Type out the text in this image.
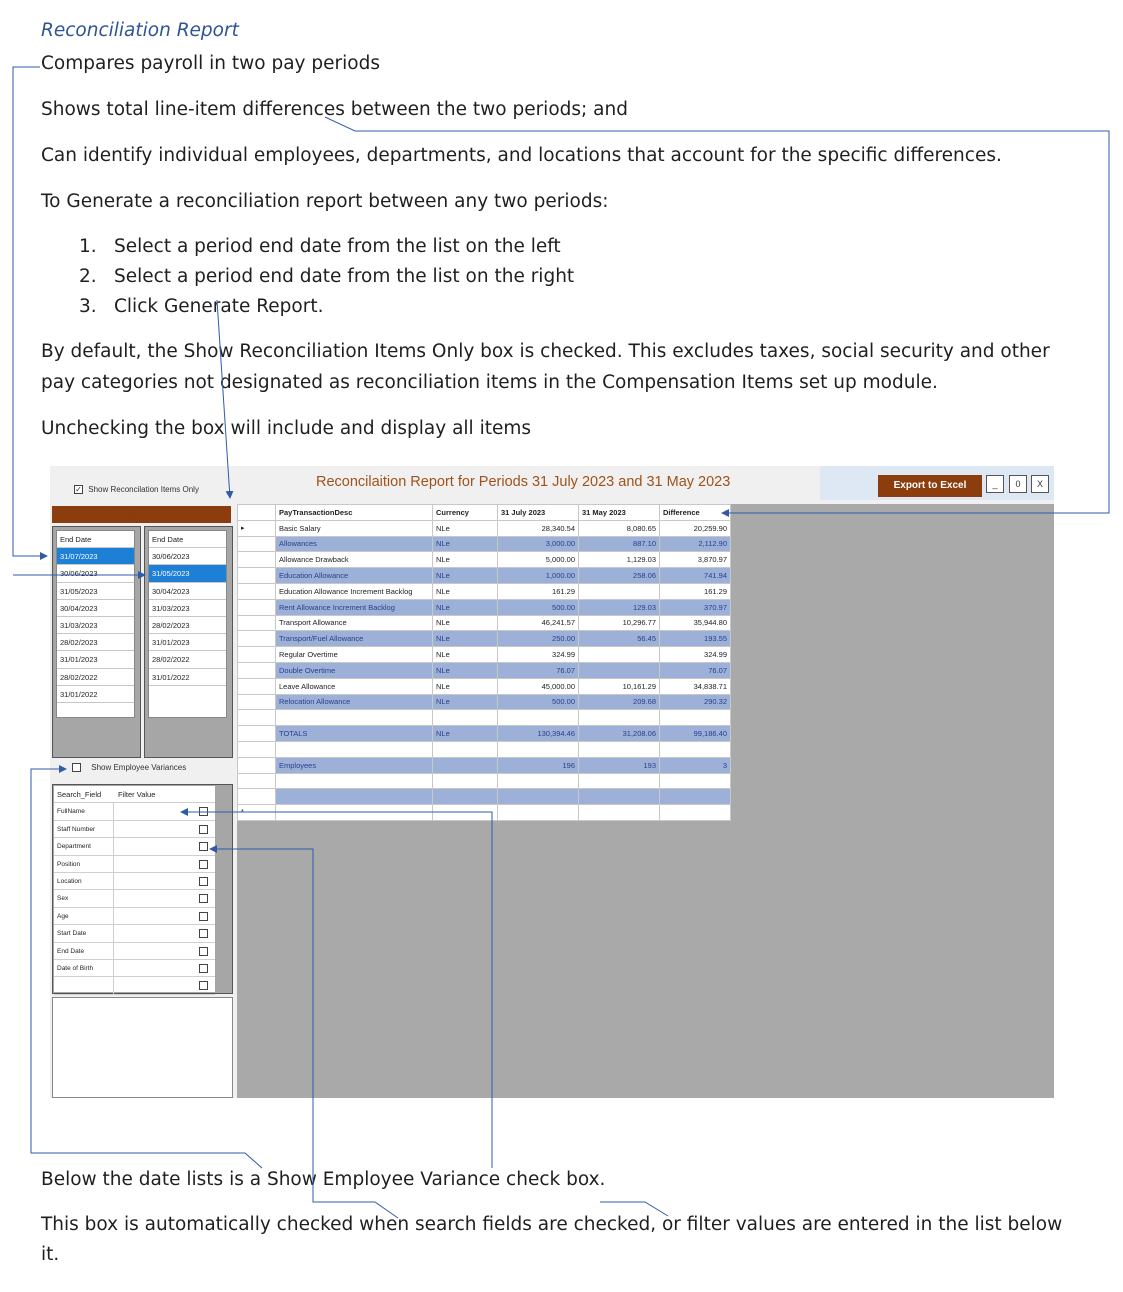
Reconciliation Report
Compares payroll in two pay periods
Shows total line-item differences between the two periods; and
Can identify individual employees, departments, and locations that account for the specific differences.
To Generate a reconciliation report between any two periods:
1. Select a period end date from the list on the left
2. Select a period end date from the list on the right
3. Click Generate Report.
By default, the Show Reconciliation Items Only box is checked. This excludes taxes, social security and other
pay categories not designated as reconciliation items in the Compensation Items set up module.
Unchecking the box will include and display all items
Below the date lists is a Show Employee Variance check box.
This box is automatically checked when search fields are checked, or filter values are entered in the list below
it.
Reconcilaition Report for Periods 31 July 2023 and 31 May 2023	Export to Excel	_	0	X
✓ Show Reconcilation Items Only
Generate Report
End Date
31/07/2023
30/06/2023
31/05/2023
30/04/2023
31/03/2023
28/02/2023
31/01/2023
28/02/2022
31/01/2022
End Date
30/06/2023
31/05/2023
30/04/2023
31/03/2023
28/02/2023
31/01/2023
28/02/2022
31/01/2022
Show Employee Variances
Search_Field	Filter Value
FullName
Staff Number
Department
Position
Location
Sex
Age
Start Date
End Date
Date of Birth
	PayTransactionDesc	Currency	31 July 2023	31 May 2023	Difference
▸	Basic Salary	NLe	28,340.54	8,080.65	20,259.90
	Allowances	NLe	3,000.00	887.10	2,112.90
	Allowance Drawback	NLe	5,000.00	1,129.03	3,870.97
	Education Allowance	NLe	1,000.00	258.06	741.94
	Education Allowance Increment Backlog	NLe	161.29		161.29
	Rent Allowance Increment Backlog	NLe	500.00	129.03	370.97
	Transport Allowance	NLe	46,241.57	10,296.77	35,944.80
	Transport/Fuel Allowance	NLe	250.00	56.45	193.55
	Regular Overtime	NLe	324.99		324.99
	Double Overtime	NLe	76.07		76.07
	Leave Allowance	NLe	45,000.00	10,161.29	34,838.71
	Relocation Allowance	NLe	500.00	209.68	290.32

	TOTALS	NLe	130,394.46	31,208.06	99,186.40

	Employees		196	193	3

*					
